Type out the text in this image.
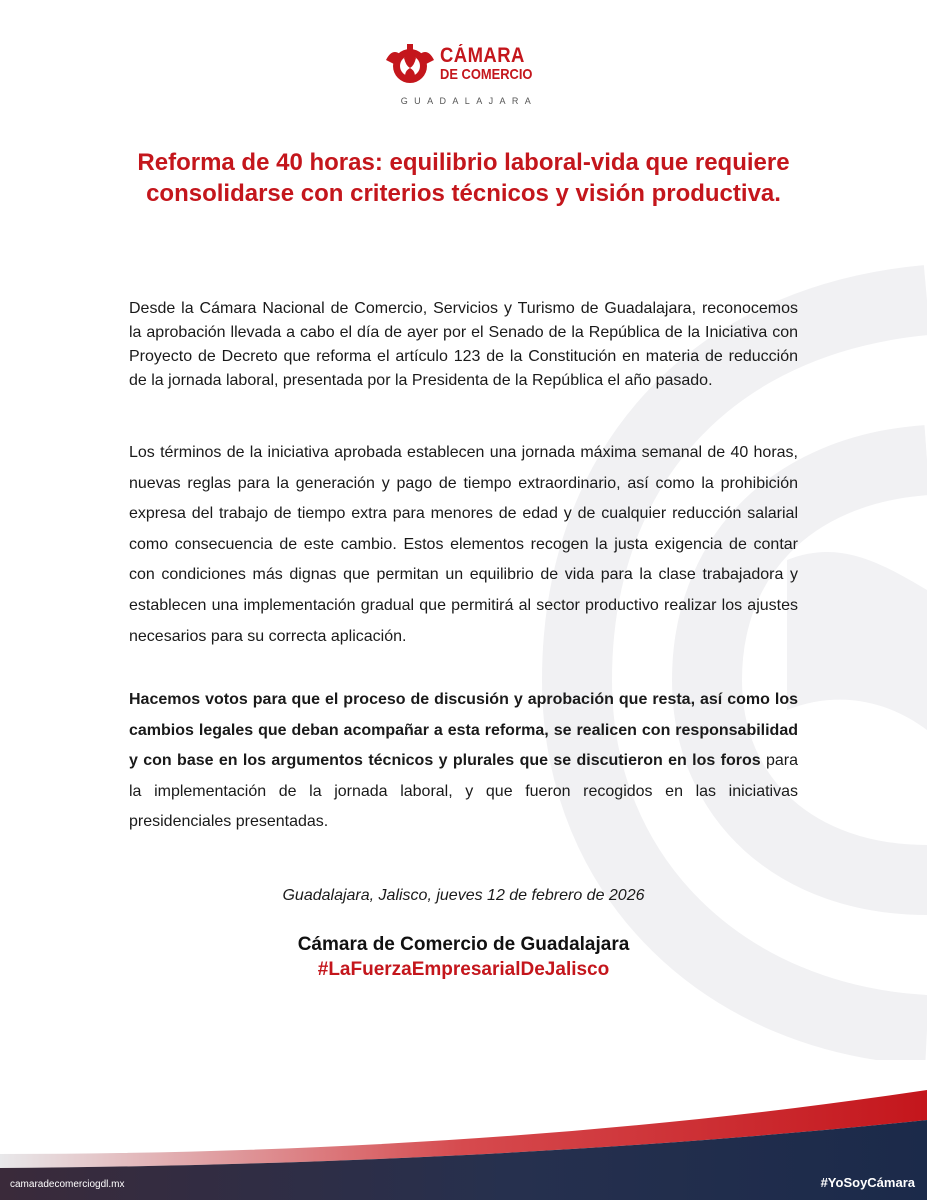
CÁMARA
DE COMERCIO
GUADALAJARA
Reforma de 40 horas: equilibrio laboral-vida que requiere consolidarse con criterios técnicos y visión productiva.

Desde la Cámara Nacional de Comercio, Servicios y Turismo de Guadalajara, reconocemos la aprobación llevada a cabo el día de ayer por el Senado de la República de la Iniciativa con Proyecto de Decreto que reforma el artículo 123 de la Constitución en materia de reducción de la jornada laboral, presentada por la Presidenta de la República el año pasado.

Los términos de la iniciativa aprobada establecen una jornada máxima semanal de 40 horas, nuevas reglas para la generación y pago de tiempo extraordinario, así como la prohibición expresa del trabajo de tiempo extra para menores de edad y de cualquier reducción salarial como consecuencia de este cambio. Estos elementos recogen la justa exigencia de contar con condiciones más dignas que permitan un equilibrio de vida para la clase trabajadora y establecen una implementación gradual que permitirá al sector productivo realizar los ajustes necesarios para su correcta aplicación.

Hacemos votos para que el proceso de discusión y aprobación que resta, así como los cambios legales que deban acompañar a esta reforma, se realicen con responsabilidad y con base en los argumentos técnicos y plurales que se discutieron en los foros para la implementación de la jornada laboral, y que fueron recogidos en las iniciativas presidenciales presentadas.

Guadalajara, Jalisco, jueves 12 de febrero de 2026
Cámara de Comercio de Guadalajara
#LaFuerzaEmpresarialDeJalisco
camaradecomerciogdl.mx	#YoSoyCámara
